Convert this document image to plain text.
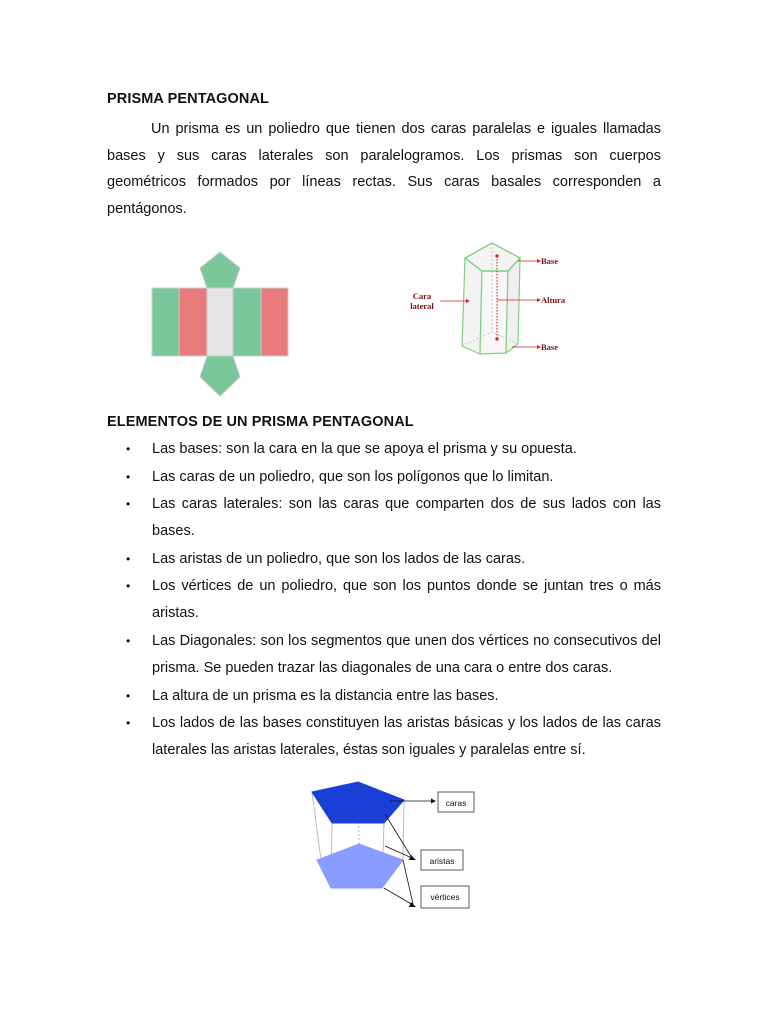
PRISMA PENTAGONAL

Un prisma es un poliedro que tienen dos caras paralelas e iguales llamadas bases y sus caras laterales son paralelogramos. Los prismas son cuerpos geométricos formados por líneas rectas. Sus caras basales corresponden a pentágonos.

Base
Altura
Base
Cara
lateral
ELEMENTOS DE UN PRISMA PENTAGONAL
• Las bases: son la cara en la que se apoya el prisma y su opuesta.
• Las caras de un poliedro, que son los polígonos que lo limitan.
• Las caras laterales: son las caras que comparten dos de sus lados con las bases.
• Las aristas de un poliedro, que son los lados de las caras.
• Los vértices de un poliedro, que son los puntos donde se juntan tres o más aristas.
• Las Diagonales: son los segmentos que unen dos vértices no consecutivos del prisma. Se pueden trazar las diagonales de una cara o entre dos caras.
• La altura de un prisma es la distancia entre las bases.
• Los lados de las bases constituyen las aristas básicas y los lados de las caras laterales las aristas laterales, éstas son iguales y paralelas entre sí.
caras
aristas
vértices
